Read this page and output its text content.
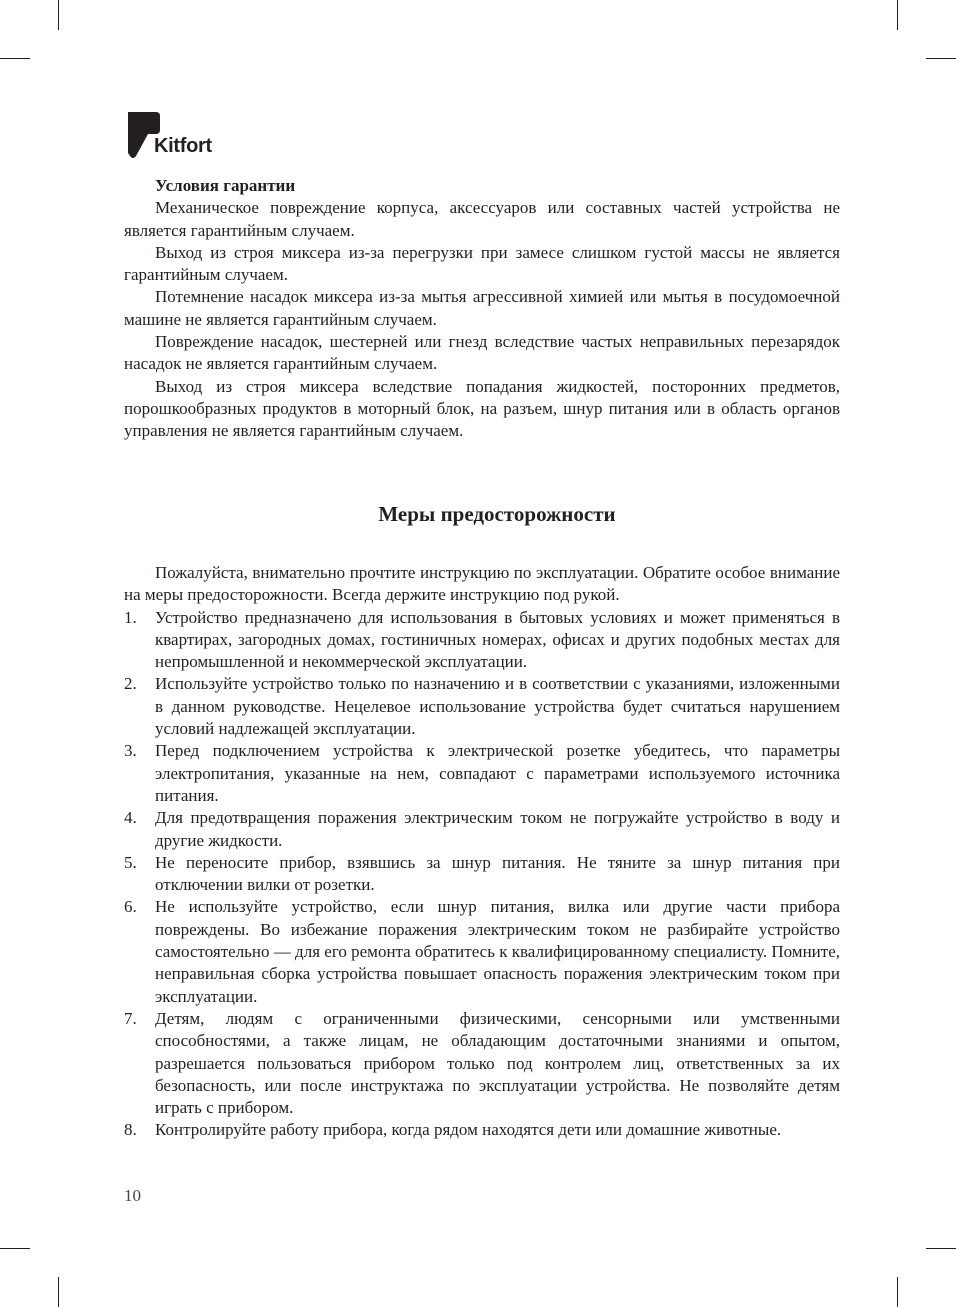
Kitfort

Условия гарантии

Механическое повреждение корпуса, аксессуаров или составных частей устройства не является гарантийным случаем.

Выход из строя миксера из-за перегрузки при замесе слишком густой массы не является гарантийным случаем.

Потемнение насадок миксера из-за мытья агрессивной химией или мытья в посудомоечной машине не является гарантийным случаем.

Повреждение насадок, шестерней или гнезд вследствие частых неправильных перезарядок насадок не является гарантийным случаем.

Выход из строя миксера вследствие попадания жидкостей, посторонних предметов, порошкообразных продуктов в моторный блок, на разъем, шнур питания или в область органов управления не является гарантийным случаем.

Меры предосторожности

Пожалуйста, внимательно прочтите инструкцию по эксплуатации. Обратите особое внимание на меры предосторожности. Всегда держите инструкцию под рукой.

1. Устройство предназначено для использования в бытовых условиях и может применяться в квартирах, загородных домах, гостиничных номерах, офисах и других подобных местах для непромышленной и некоммерческой эксплуатации.
2. Используйте устройство только по назначению и в соответствии с указаниями, изложенными в данном руководстве. Нецелевое использование устройства будет считаться нарушением условий надлежащей эксплуатации.
3. Перед подключением устройства к электрической розетке убедитесь, что параметры электропитания, указанные на нем, совпадают с параметрами используемого источника питания.
4. Для предотвращения поражения электрическим током не погружайте устройство в воду и другие жидкости.
5. Не переносите прибор, взявшись за шнур питания. Не тяните за шнур питания при отключении вилки от розетки.
6. Не используйте устройство, если шнур питания, вилка или другие части прибора повреждены. Во избежание поражения электрическим током не разбирайте устройство самостоятельно — для его ремонта обратитесь к квалифицированному специалисту. Помните, неправильная сборка устройства повышает опасность поражения электрическим током при эксплуатации.
7. Детям, людям с ограниченными физическими, сенсорными или умственными способностями, а также лицам, не обладающим достаточными знаниями и опытом, разрешается пользоваться прибором только под контролем лиц, ответственных за их безопасность, или после инструктажа по эксплуатации устройства. Не позволяйте детям играть с прибором.
8. Контролируйте работу прибора, когда рядом находятся дети или домашние животные.
10
